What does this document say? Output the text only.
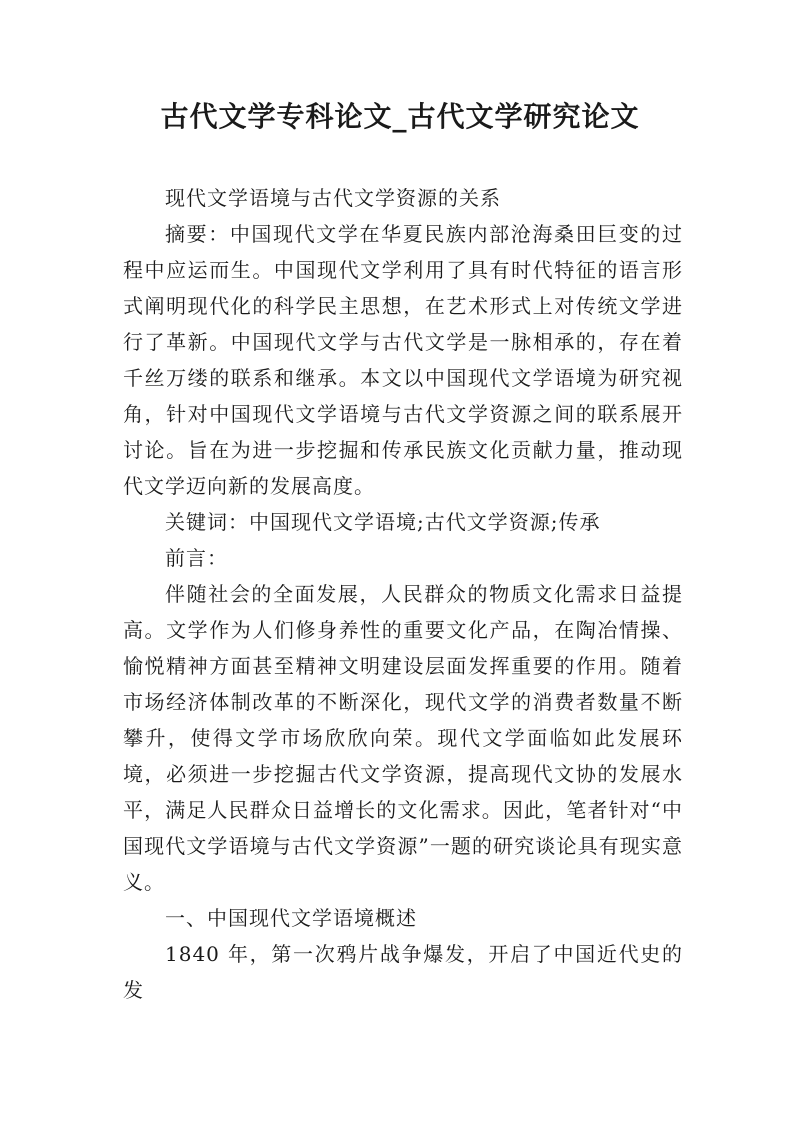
古代文学专科论文_古代文学研究论文

现代文学语境与古代文学资源的关系

摘要：中国现代文学在华夏民族内部沧海桑田巨变的过程中应运而生。中国现代文学利用了具有时代特征的语言形式阐明现代化的科学民主思想，在艺术形式上对传统文学进行了革新。中国现代文学与古代文学是一脉相承的，存在着千丝万缕的联系和继承。本文以中国现代文学语境为研究视角，针对中国现代文学语境与古代文学资源之间的联系展开讨论。旨在为进一步挖掘和传承民族文化贡献力量，推动现代文学迈向新的发展高度。

关键词：中国现代文学语境;古代文学资源;传承

前言：

伴随社会的全面发展，人民群众的物质文化需求日益提高。文学作为人们修身养性的重要文化产品，在陶冶情操、愉悦精神方面甚至精神文明建设层面发挥重要的作用。随着市场经济体制改革的不断深化，现代文学的消费者数量不断攀升，使得文学市场欣欣向荣。现代文学面临如此发展环境，必须进一步挖掘古代文学资源，提高现代文协的发展水平，满足人民群众日益增长的文化需求。因此，笔者针对“中国现代文学语境与古代文学资源”一题的研究谈论具有现实意义。

一、中国现代文学语境概述

1840 年，第一次鸦片战争爆发，开启了中国近代史的发
